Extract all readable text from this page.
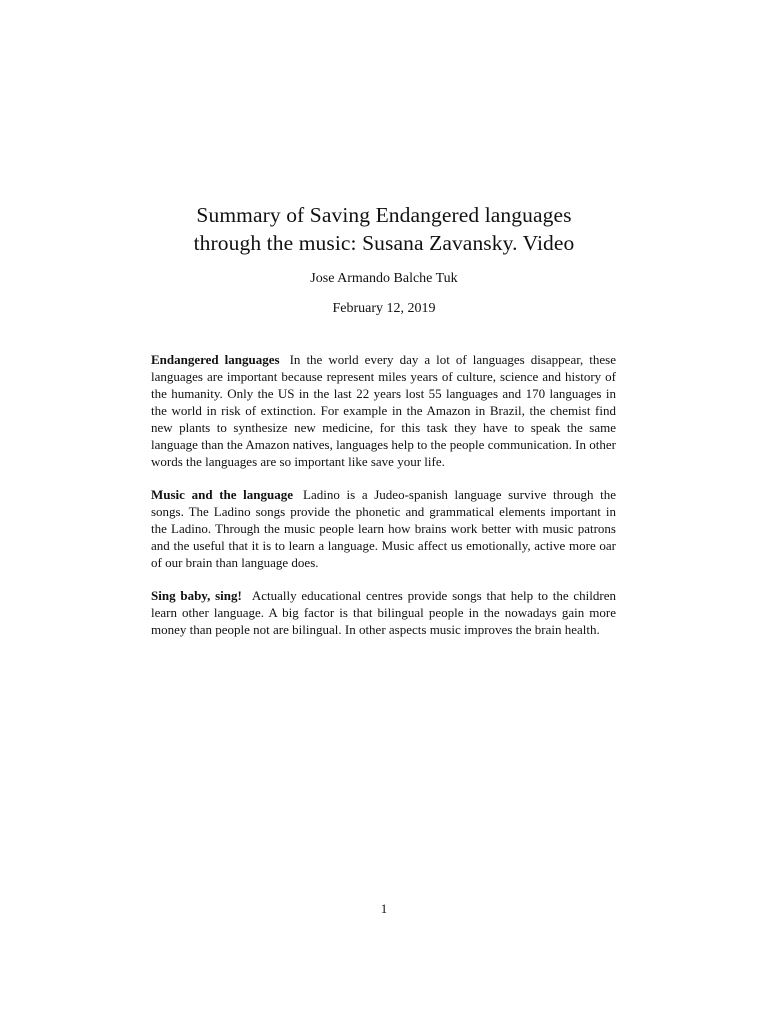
Summary of Saving Endangered languages
through the music: Susana Zavansky. Video
Jose Armando Balche Tuk
February 12, 2019

Endangered languages In the world every day a lot of languages disappear, these languages are important because represent miles years of culture, science and history of the humanity. Only the US in the last 22 years lost 55 languages and 170 languages in the world in risk of extinction. For example in the Amazon in Brazil, the chemist find new plants to synthesize new medicine, for this task they have to speak the same language than the Amazon natives, languages help to the people communication. In other words the languages are so important like save your life.

Music and the language Ladino is a Judeo-spanish language survive through the songs. The Ladino songs provide the phonetic and grammatical elements important in the Ladino. Through the music people learn how brains work better with music patrons and the useful that it is to learn a language. Music affect us emotionally, active more oar of our brain than language does.

Sing baby, sing! Actually educational centres provide songs that help to the children learn other language. A big factor is that bilingual people in the nowadays gain more money than people not are bilingual. In other aspects music improves the brain health.

1
